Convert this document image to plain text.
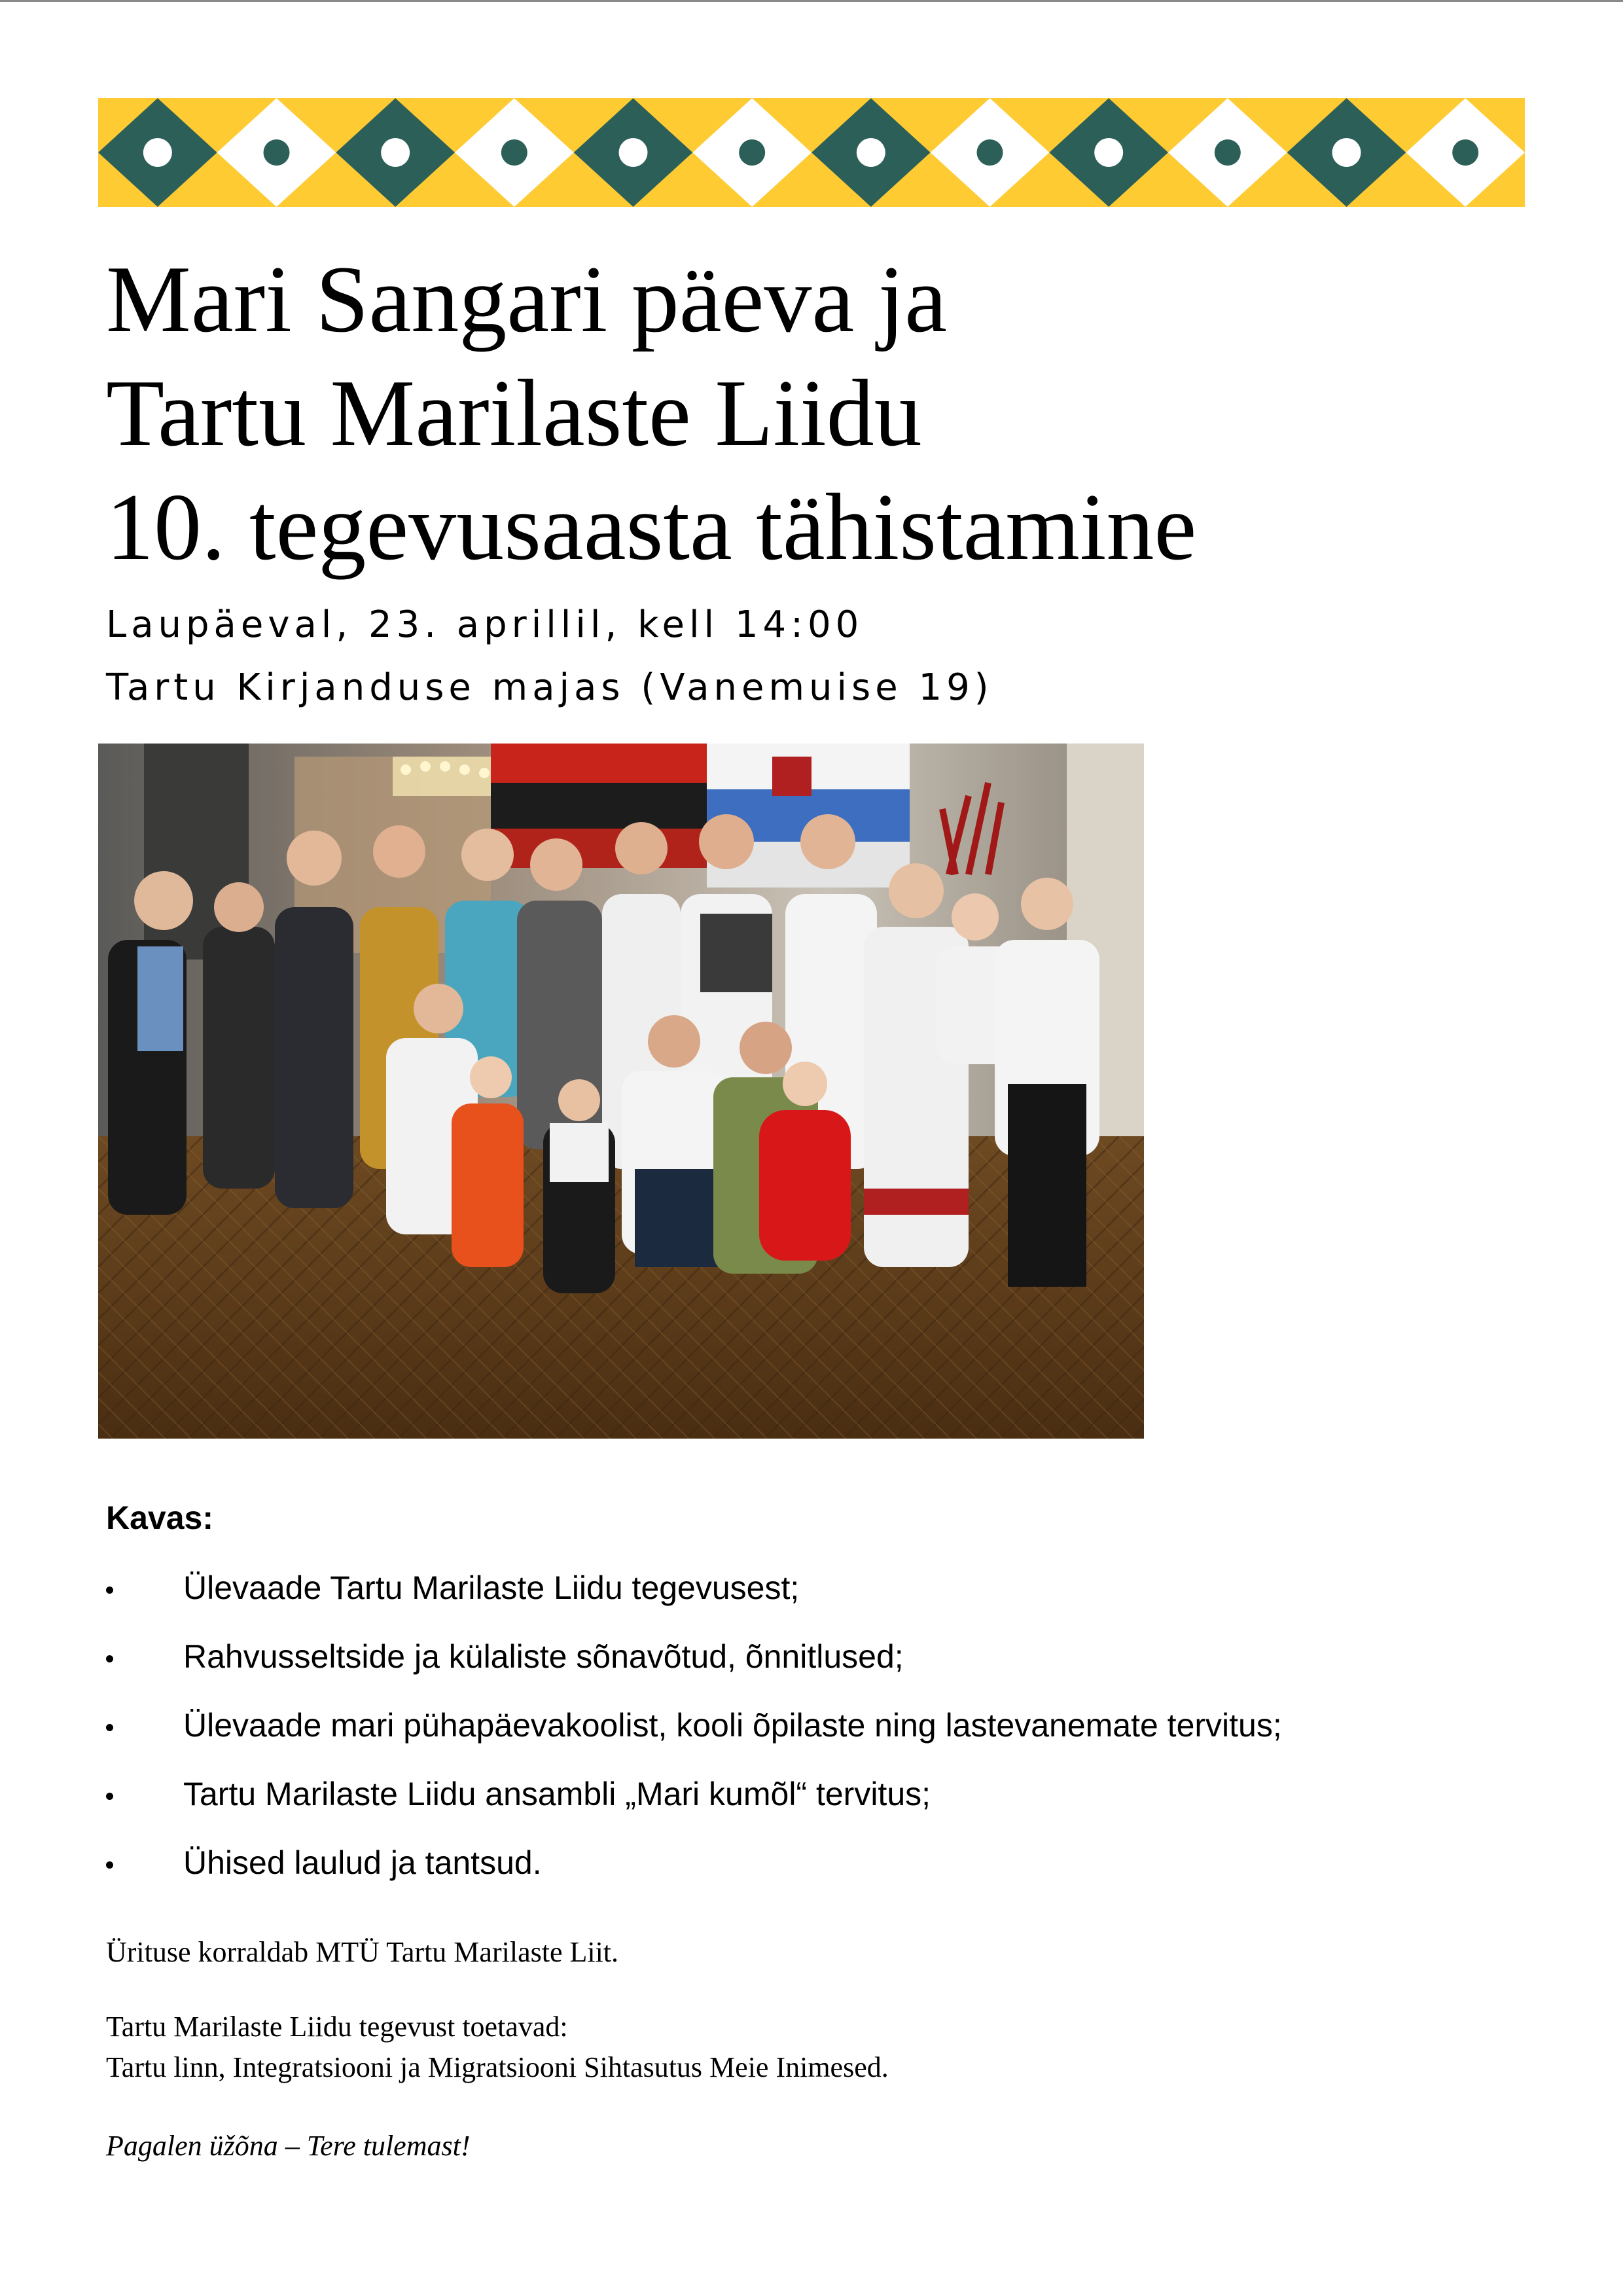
Mari Sangari päeva ja
Tartu Marilaste Liidu
10. tegevusaasta tähistamine

Laupäeval, 23. aprillil, kell 14:00

Tartu Kirjanduse majas (Vanemuise 19)

Kavas:
Ülevaade Tartu Marilaste Liidu tegevusest;
Rahvusseltside ja külaliste sõnavõtud, õnnitlused;
Ülevaade mari pühapäevakoolist, kooli õpilaste ning lastevanemate tervitus;
Tartu Marilaste Liidu ansambli „Mari kumõl“ tervitus;
Ühised laulud ja tantsud.

Ürituse korraldab MTÜ Tartu Marilaste Liit.

Tartu Marilaste Liidu tegevust toetavad:
Tartu linn, Integratsiooni ja Migratsiooni Sihtasutus Meie Inimesed.

Pagalen üžõna – Tere tulemast!
